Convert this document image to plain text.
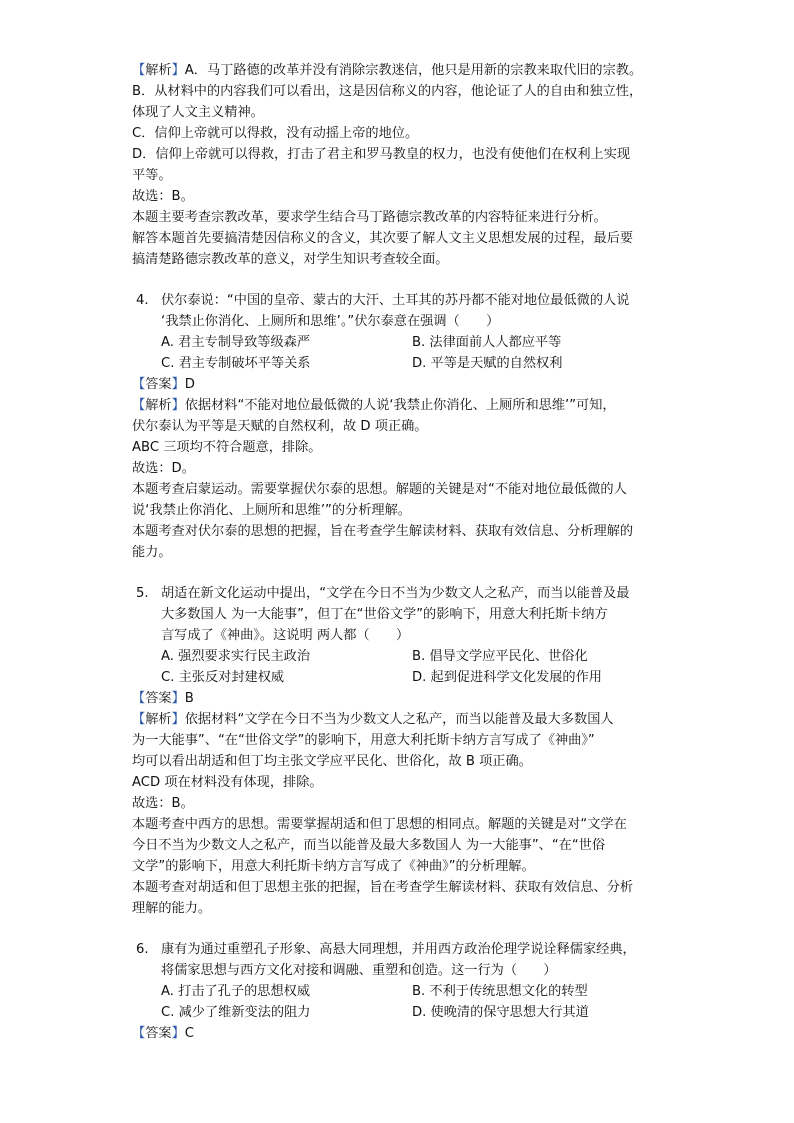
【解析】A．马丁路德的改革并没有消除宗教迷信，他只是用新的宗教来取代旧的宗教。
B．从材料中的内容我们可以看出，这是因信称义的内容，他论证了人的自由和独立性，
体现了人文主义精神。
C．信仰上帝就可以得救，没有动摇上帝的地位。
D．信仰上帝就可以得救，打击了君主和罗马教皇的权力，也没有使他们在权利上实现
平等。
故选：B。
本题主要考查宗教改革，要求学生结合马丁路德宗教改革的内容特征来进行分析。
解答本题首先要搞清楚因信称义的含义，其次要了解人文主义思想发展的过程，最后要
搞清楚路德宗教改革的意义，对学生知识考查较全面。
4. 伏尔泰说：“中国的皇帝、蒙古的大汗、土耳其的苏丹都不能对地位最低微的人说
‘我禁止你消化、上厕所和思维’。”伏尔泰意在强调（　　）
A. 君主专制导致等级森严	B. 法律面前人人都应平等
C. 君主专制破坏平等关系	D. 平等是天赋的自然权利
【答案】D
【解析】依据材料“不能对地位最低微的人说‘我禁止你消化、上厕所和思维’”可知，
伏尔泰认为平等是天赋的自然权利，故 D 项正确。
ABC 三项均不符合题意，排除。
故选：D。
本题考查启蒙运动。需要掌握伏尔泰的思想。解题的关键是对“不能对地位最低微的人
说‘我禁止你消化、上厕所和思维’”的分析理解。
本题考查对伏尔泰的思想的把握，旨在考查学生解读材料、获取有效信息、分析理解的
能力。
5. 胡适在新文化运动中提出，“文学在今日不当为少数文人之私产，而当以能普及最
大多数国人 为一大能事”，但丁在“世俗文学”的影响下，用意大利托斯卡纳方
言写成了《神曲》。这说明 两人都（　　）
A. 强烈要求实行民主政治	B. 倡导文学应平民化、世俗化
C. 主张反对封建权威	D. 起到促进科学文化发展的作用
【答案】B
【解析】依据材料“文学在今日不当为少数文人之私产，而当以能普及最大多数国人
为一大能事”、“在“世俗文学”的影响下，用意大利托斯卡纳方言写成了《神曲》”
均可以看出胡适和但丁均主张文学应平民化、世俗化，故 B 项正确。
ACD 项在材料没有体现，排除。
故选：B。
本题考查中西方的思想。需要掌握胡适和但丁思想的相同点。解题的关键是对“文学在
今日不当为少数文人之私产，而当以能普及最大多数国人 为一大能事”、“在“世俗
文学”的影响下，用意大利托斯卡纳方言写成了《神曲》”的分析理解。
本题考查对胡适和但丁思想主张的把握，旨在考查学生解读材料、获取有效信息、分析
理解的能力。
6. 康有为通过重塑孔子形象、高悬大同理想，并用西方政治伦理学说诠释儒家经典，
将儒家思想与西方文化对接和调融、重塑和创造。这一行为（　　）
A. 打击了孔子的思想权威	B. 不利于传统思想文化的转型
C. 减少了维新变法的阻力	D. 使晚清的保守思想大行其道
【答案】C
